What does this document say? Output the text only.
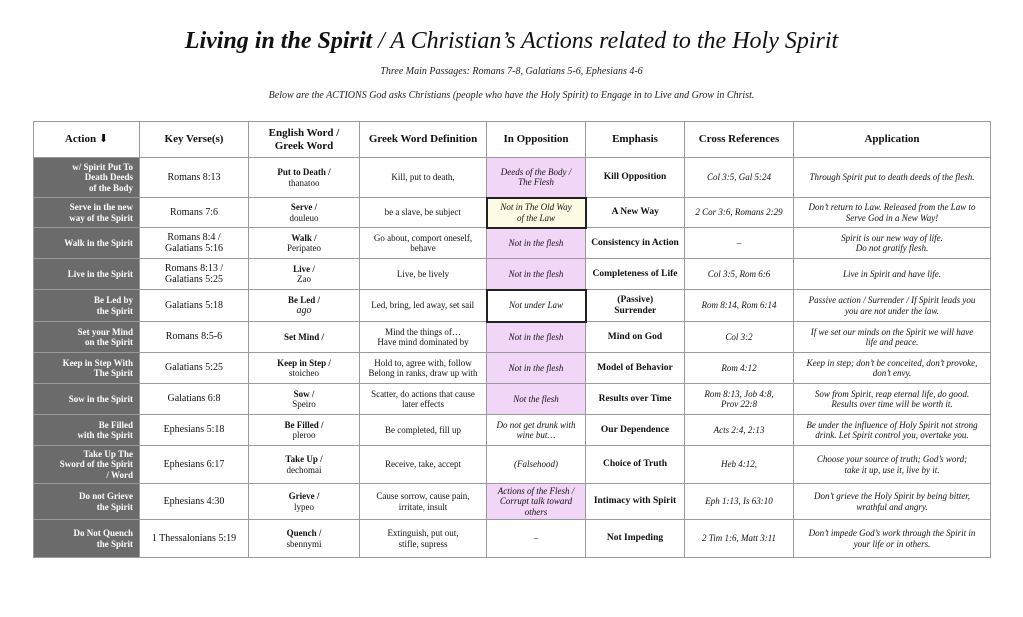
Living in the Spirit / A Christian’s Actions related to the Holy Spirit
Three Main Passages: Romans 7-8, Galatians 5-6, Ephesians 4-6
Below are the ACTIONS God asks Christians (people who have the Holy Spirit) to Engage in to Live and Grow in Christ.
Action ⬇	Key Verse(s)	English Word /
Greek Word	Greek Word Definition	In Opposition	Emphasis	Cross References	Application
w/ Spirit Put To
Death Deeds
of the Body	Romans 8:13	Put to Death /
thanatoo	Kill, put to death,	Deeds of the Body /
The Flesh	Kill Opposition	Col 3:5, Gal 5:24	Through Spirit put to death deeds of the flesh.
Serve in the new
way of the Spirit	Romans 7:6	Serve /
douleuo	be a slave, be subject	Not in The Old Way
of the Law	A New Way	2 Cor 3:6, Romans 2:29	Don’t return to Law. Released from the Law to
Serve God in a New Way!
Walk in the Spirit	Romans 8:4 /
Galatians 5:16	Walk /
Peripateo	Go about, comport oneself,
behave	Not in the flesh	Consistency in Action	–	Spirit is our new way of life.
Do not gratify flesh.
Live in the Spirit	Romans 8:13 /
Galatians 5:25	Live /
Zao	Live, be lively	Not in the flesh	Completeness of Life	Col 3:5, Rom 6:6	Live in Spirit and have life.
Be Led by
the Spirit	Galatians 5:18	Be Led /
ago	Led, bring, led away, set sail	Not under Law	(Passive)
Surrender	Rom 8:14, Rom 6:14	Passive action / Surrender / If Spirit leads you
you are not under the law.
Set your Mind
on the Spirit	Romans 8:5-6	Set Mind /	Mind the things of…
Have mind dominated by	Not in the flesh	Mind on God	Col 3:2	If we set our minds on the Spirit we will have
life and peace.
Keep in Step With
The Spirit	Galatians 5:25	Keep in Step /
stoicheo	Hold to, agree with, follow
Belong in ranks, draw up with	Not in the flesh	Model of Behavior	Rom 4:12	Keep in step; don’t be conceited, don’t provoke,
don’t envy.
Sow in the Spirit	Galatians 6:8	Sow /
Speiro	Scatter, do actions that cause
later effects	Not the flesh	Results over Time	Rom 8:13, Job 4:8,
Prov 22:8	Sow from Spirit, reap eternal life, do good.
Results over time will be worth it.
Be Filled
with the Spirit	Ephesians 5:18	Be Filled /
pleroo	Be completed, fill up	Do not get drunk with
wine but…	Our Dependence	Acts 2:4, 2:13	Be under the influence of Holy Spirit not strong
drink. Let Spirit control you, overtake you.
Take Up The
Sword of the Spirit
/ Word	Ephesians 6:17	Take Up /
dechomai	Receive, take, accept	(Falsehood)	Choice of Truth	Heb 4:12,	Choose your source of truth; God’s word;
take it up, use it, live by it.
Do not Grieve
the Spirit	Ephesians 4:30	Grieve /
lypeo	Cause sorrow, cause pain,
irritate, insult	Actions of the Flesh /
Corrupt talk toward
others	Intimacy with Spirit	Eph 1:13, Is 63:10	Don’t grieve the Holy Spirit by being bitter,
wrathful and angry.
Do Not Quench
the Spirit	1 Thessalonians 5:19	Quench /
sbennymi	Extinguish, put out,
stifle, supress	–	Not Impeding	2 Tim 1:6, Matt 3:11	Don’t impede God’s work through the Spirit in
your life or in others.
